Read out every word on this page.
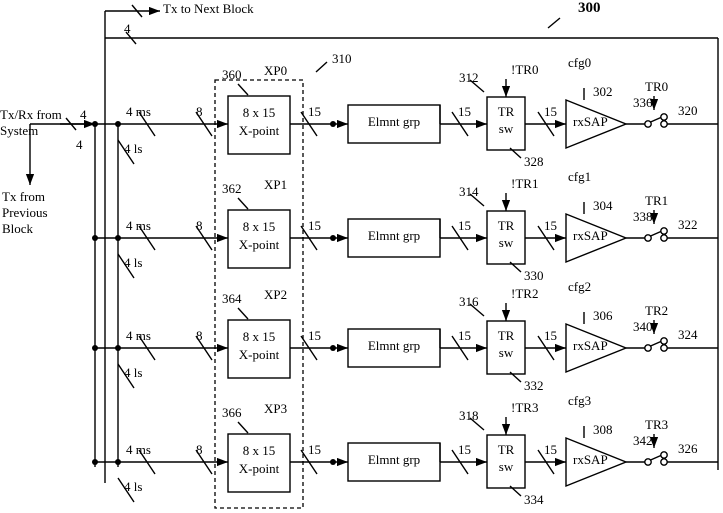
Tx to Next Block
4
Tx/Rx from
System
4
4
Tx from
Previous
Block
300
310
4 ms
4 ls
8
360 XP0
8 x 15
X-point
15
Elmnt grp
15
312
!TR0
TR
sw
328
15
cfg0
rxSAP
302	TR0
336
320
4 ms
4 ls
8
362 XP1
8 x 15
X-point
15
Elmnt grp
15
314
!TR1
TR
sw
330
15
cfg1
rxSAP
304	TR1
338
322
4 ms
4 ls
8
364 XP2
8 x 15
X-point
15
Elmnt grp
15
316
!TR2
TR
sw
332
15
cfg2
rxSAP
306	TR2
340
324
4 ms
4 ls
8
366 XP3
8 x 15
X-point
15
Elmnt grp
15
318
!TR3
TR
sw
334
15
cfg3
rxSAP
308	TR3
342
326
